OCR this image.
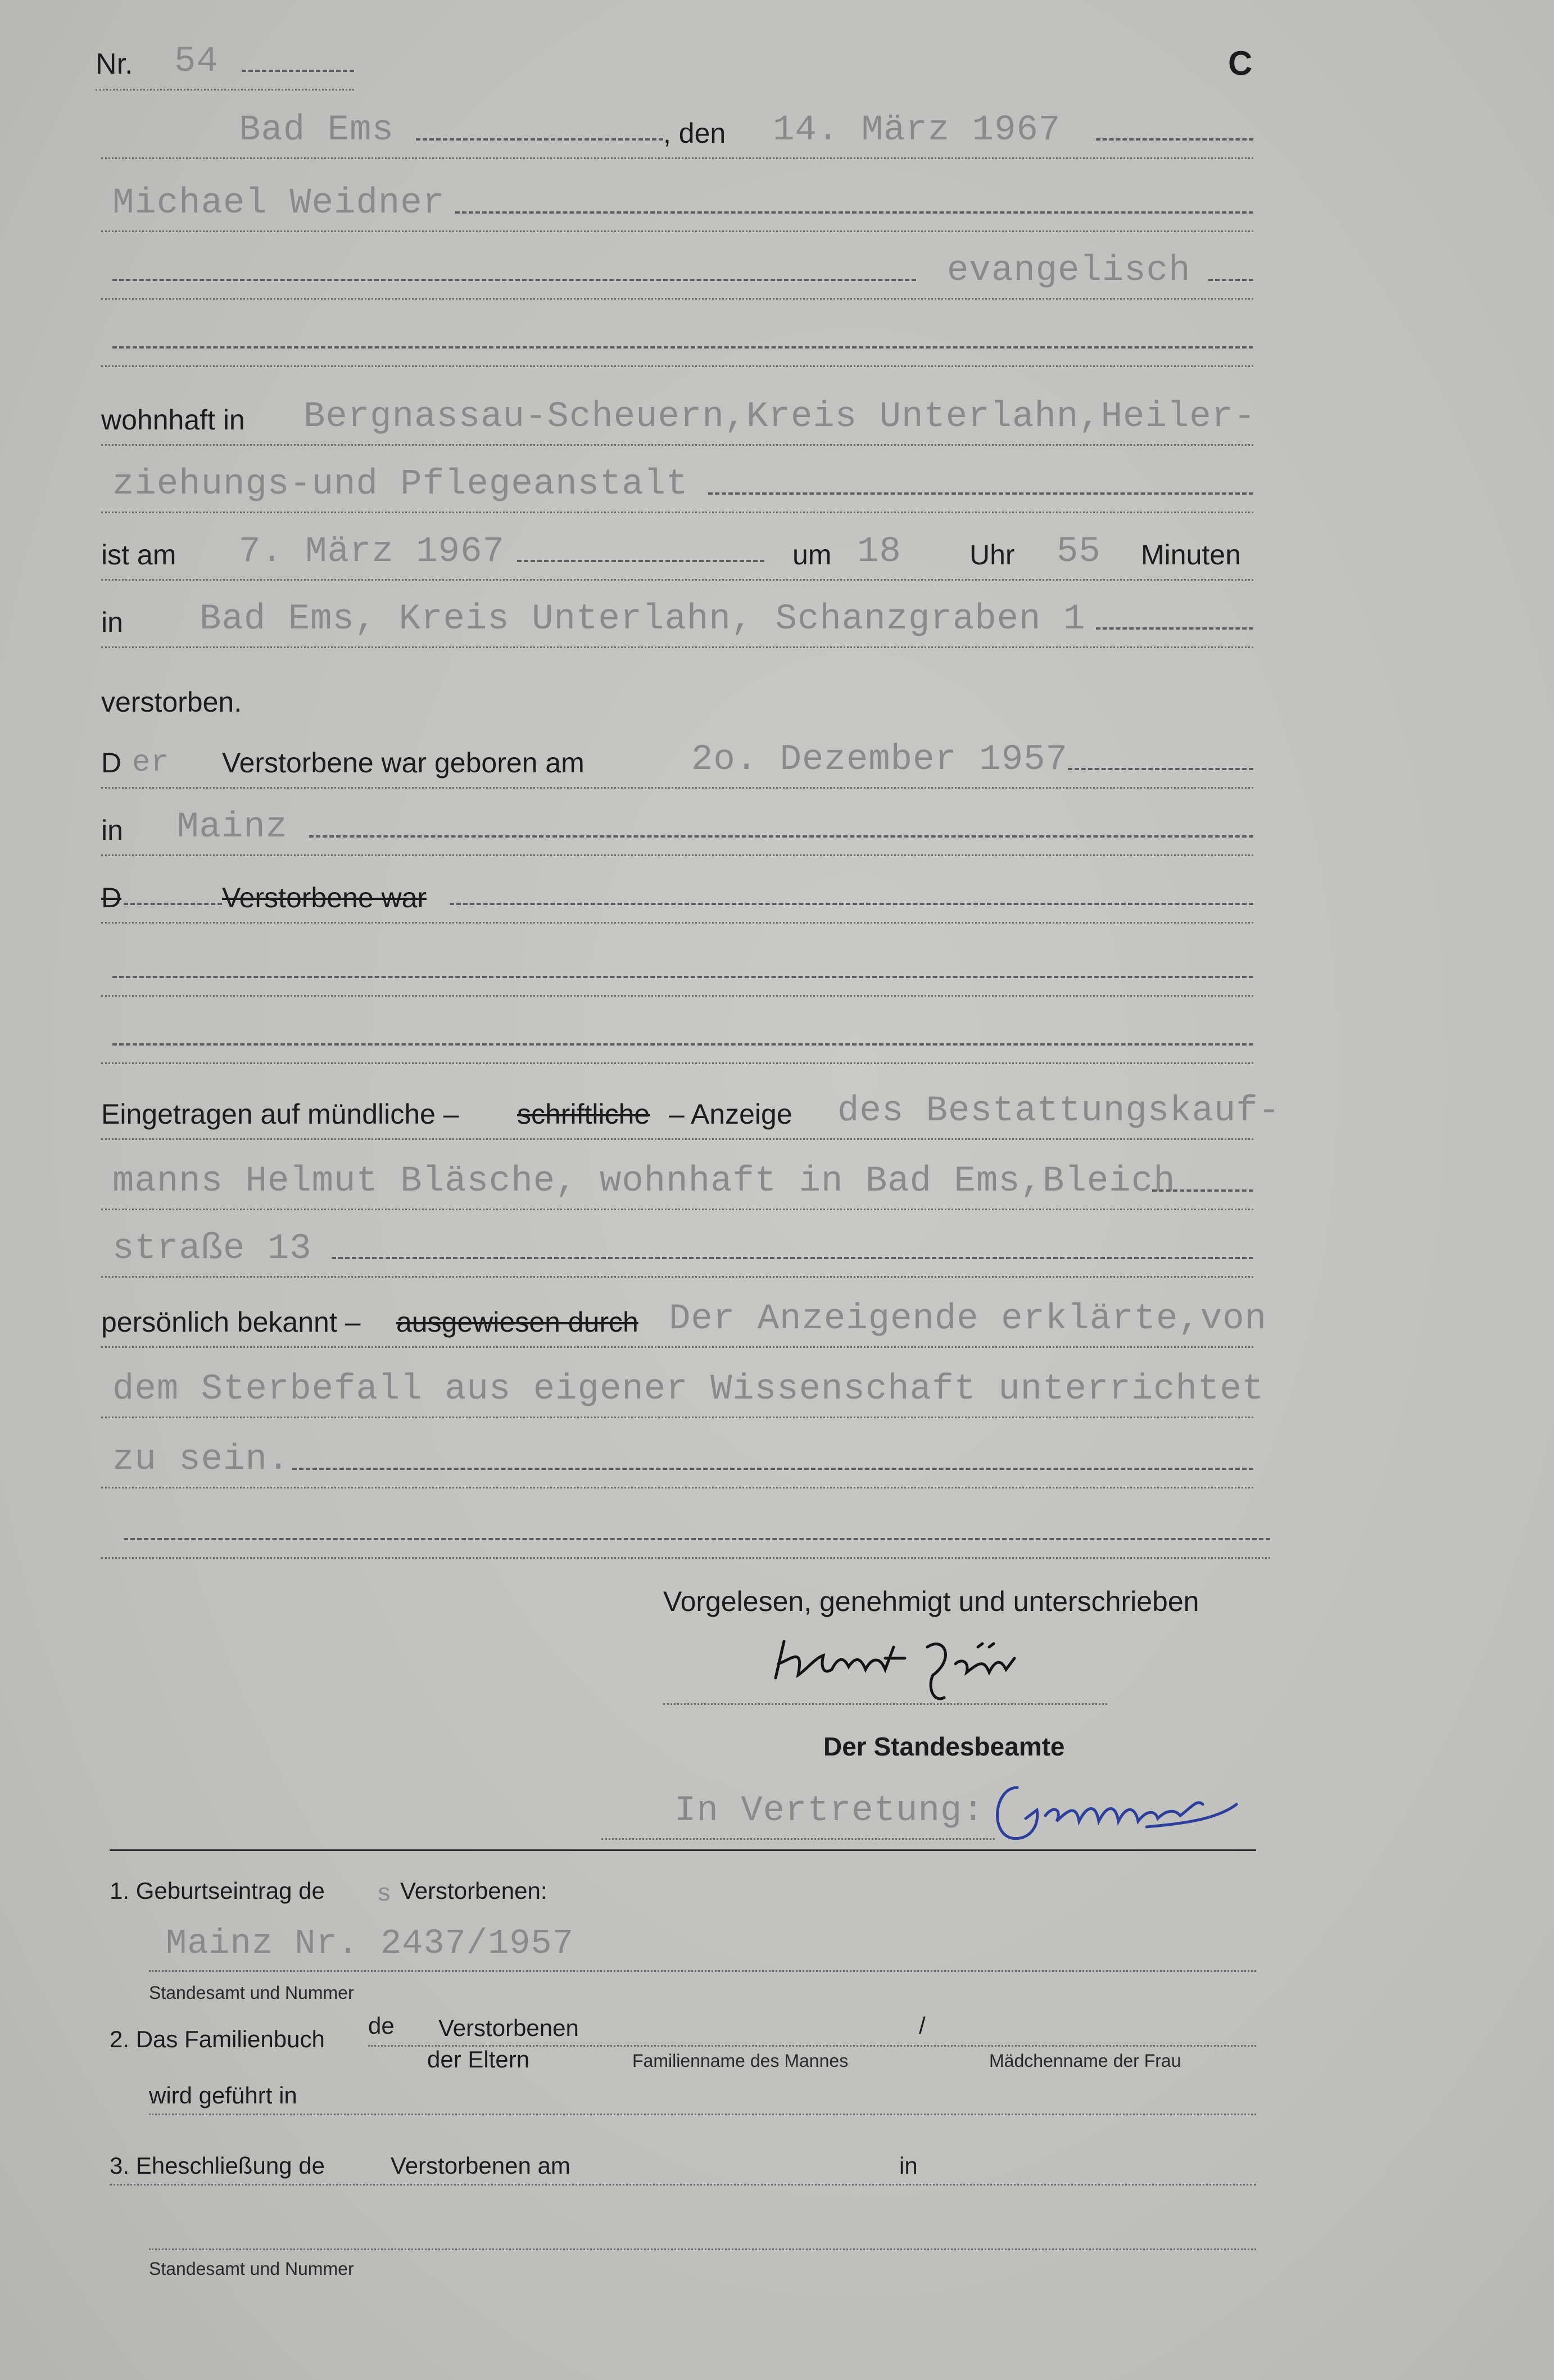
Nr. 54	C
Bad Ems	, den 14. März 1967
Michael Weidner
evangelisch
wohnhaft in Bergnassau-Scheuern,Kreis Unterlahn,Heiler-
ziehungs-und Pflegeanstalt
ist am 7. März 1967	um 18 Uhr 55 Minuten
in Bad Ems, Kreis Unterlahn, Schanzgraben 1
verstorben.
D er Verstorbene war geboren am	2o. Dezember 1957
in Mainz
D	Verstorbene war
Eingetragen auf mündliche – schriftliche – Anzeige des Bestattungskauf-
manns Helmut Bläsche, wohnhaft in Bad Ems,Bleich
straße 13
persönlich bekannt – ausgewiesen durch Der Anzeigende erklärte,von
dem Sterbefall aus eigener Wissenschaft unterrichtet
zu sein.
Vorgelesen, genehmigt und unterschrieben
Helmut Bläsche
Der Standesbeamte
In Vertretung:
Gemmer
1. Geburtseintrag de s Verstorbenen:
Mainz Nr. 2437/1957
Standesamt und Nummer
2. Das Familienbuch
de Verstorbenen	/
der Eltern	Familienname des Mannes	Mädchenname der Frau
wird geführt in
3. Eheschließung de	Verstorbenen am	in
Standesamt und Nummer
